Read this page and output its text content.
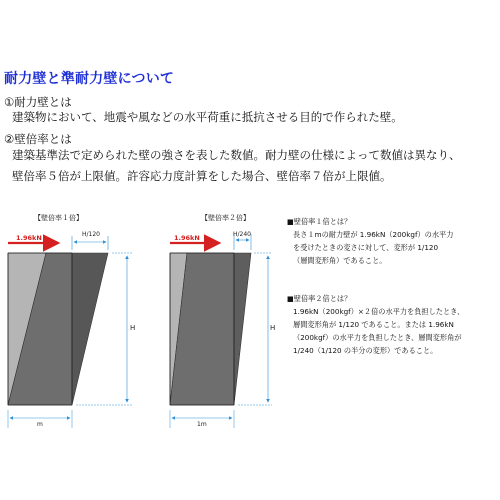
耐力壁と準耐力壁について
①耐力壁とは
建築物において、地震や風などの水平荷重に抵抗させる目的で作られた壁。
②壁倍率とは
建築基準法で定められた壁の強さを表した数値。耐力壁の仕様によって数値は異なり、
壁倍率５倍が上限値。許容応力度計算をした場合、壁倍率７倍が上限値。
【壁倍率１倍】	【壁倍率２倍】
1.96kN	H/120
H
m
1.96kN	H/240
H
1m
■壁倍率１倍とは？
長さ１mの耐力壁が 1.96kN（200kgf）の水平力
を受けたときの変さに対して、変形が 1/120
（層間変形角）であること。
■壁倍率２倍とは？
1.96kN（200kgf）×２倍の水平力を負担したとき、
層間変形角が 1/120 であること。または 1.96kN
（200kgf）の水平力を負担したとき、層間変形角が
1/240（1/120 の半分の変形）であること。
